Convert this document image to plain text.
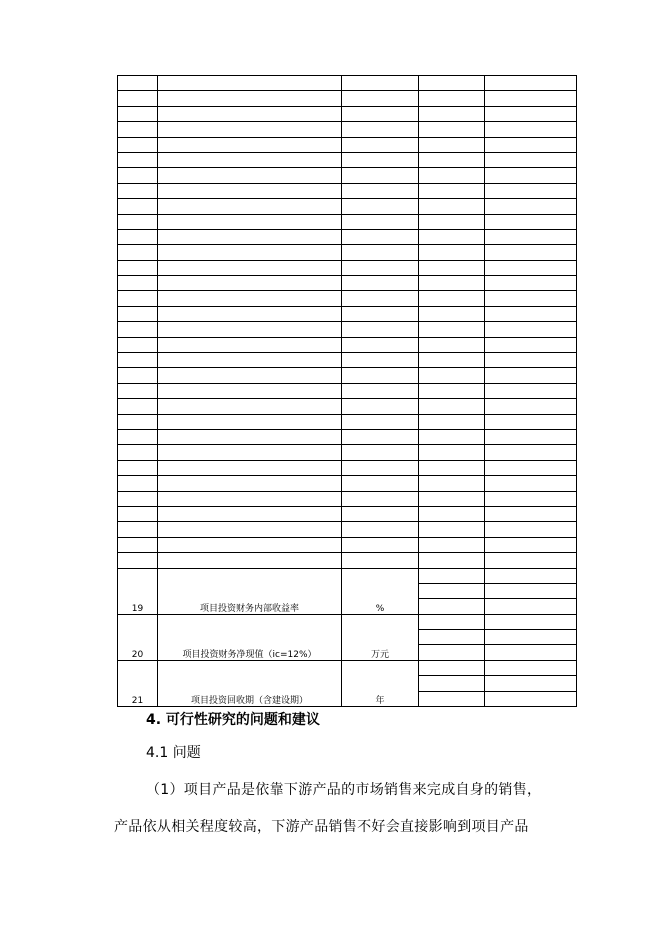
19	项目投资财务内部收益率	%		

20	项目投资财务净现值（iс=12%）	万元		

21	项目投资回收期（含建设期）	年		

4. 可行性研究的问题和建议
4.1 问题
（1）项目产品是依靠下游产品的市场销售来完成自身的销售，
产品依从相关程度较高，下游产品销售不好会直接影响到项目产品
